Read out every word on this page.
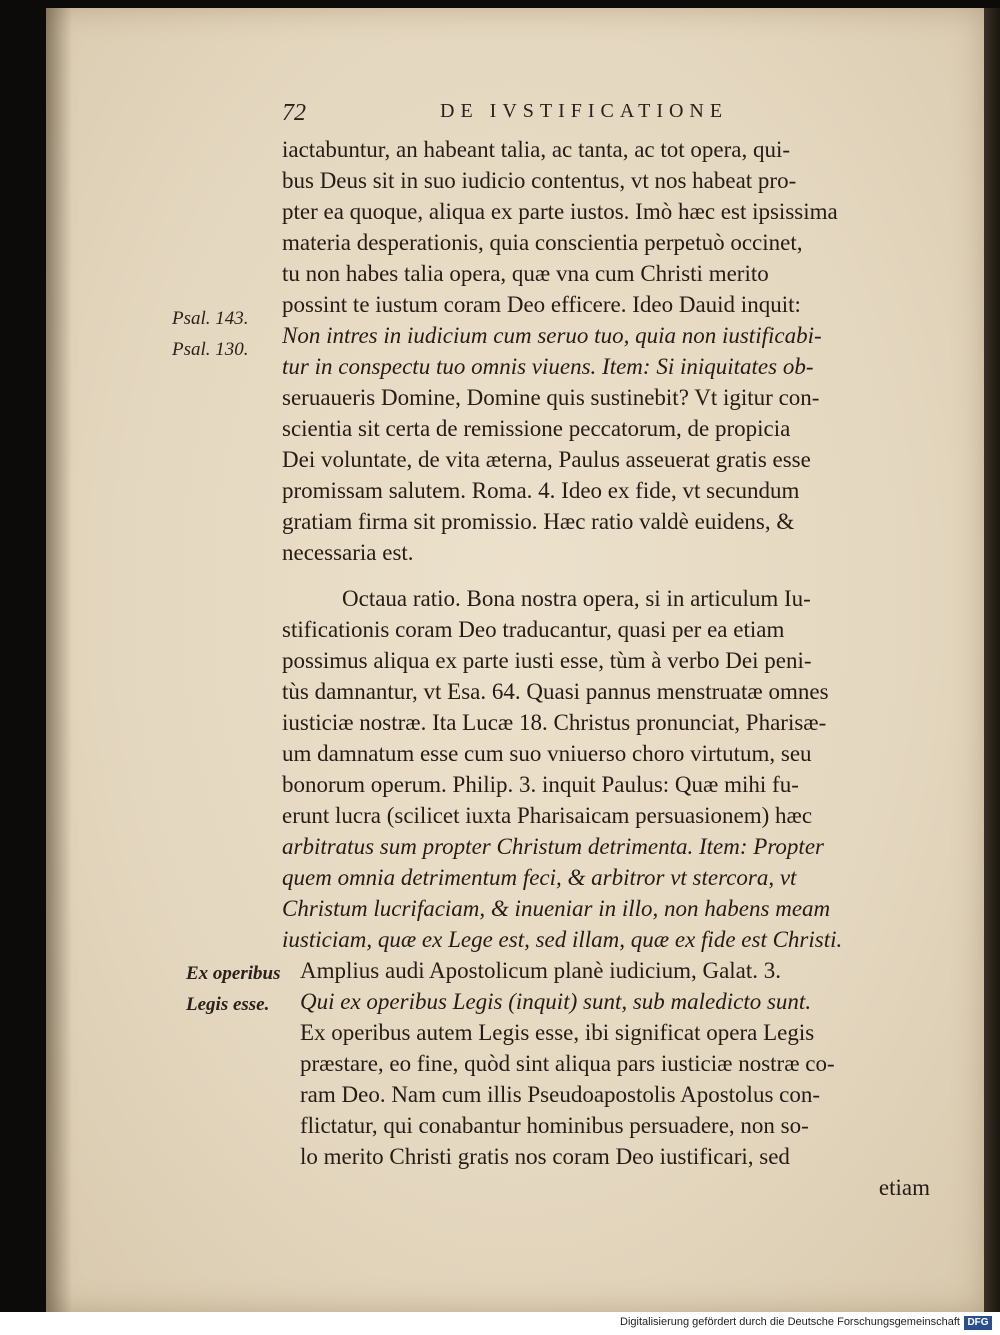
72	DE IVSTIFICATIONE
Psal. 143.
Psal. 130.
Ex operibus
Legis esse.
iactabuntur, an habeant talia, ac tanta, ac tot opera, qui-
bus Deus sit in suo iudicio contentus, vt nos habeat pro-
pter ea quoque, aliqua ex parte iustos. Imò hæc est ipsissima
materia desperationis, quia conscientia perpetuò occinet,
tu non habes talia opera, quæ vna cum Christi merito
possint te iustum coram Deo efficere. Ideo Dauid inquit:
Non intres in iudicium cum seruo tuo, quia non iustificabi-
tur in conspectu tuo omnis viuens. Item: Si iniquitates ob-
seruaueris Domine, Domine quis sustinebit? Vt igitur con-
scientia sit certa de remissione peccatorum, de propicia
Dei voluntate, de vita æterna, Paulus asseuerat gratis esse
promissam salutem. Roma. 4. Ideo ex fide, vt secundum
gratiam firma sit promissio. Hæc ratio valdè euidens, &
necessaria est.
Octaua ratio. Bona nostra opera, si in articulum Iu-
stificationis coram Deo traducantur, quasi per ea etiam
possimus aliqua ex parte iusti esse, tùm à verbo Dei peni-
tùs damnantur, vt Esa. 64. Quasi pannus menstruatæ omnes
iusticiæ nostræ. Ita Lucæ 18. Christus pronunciat, Pharisæ-
um damnatum esse cum suo vniuerso choro virtutum, seu
bonorum operum. Philip. 3. inquit Paulus: Quæ mihi fu-
erunt lucra (scilicet iuxta Pharisaicam persuasionem) hæc
arbitratus sum propter Christum detrimenta. Item: Propter
quem omnia detrimentum feci, & arbitror vt stercora, vt
Christum lucrifaciam, & inueniar in illo, non habens meam
iusticiam, quæ ex Lege est, sed illam, quæ ex fide est Christi.
Amplius audi Apostolicum planè iudicium, Galat. 3.
Qui ex operibus Legis (inquit) sunt, sub maledicto sunt.
Ex operibus autem Legis esse, ibi significat opera Legis
præstare, eo fine, quòd sint aliqua pars iusticiæ nostræ co-
ram Deo. Nam cum illis Pseudoapostolis Apostolus con-
flictatur, qui conabantur hominibus persuadere, non so-
lo merito Christi gratis nos coram Deo iustificari, sed
etiam
Digitalisierung gefördert durch die Deutsche Forschungsgemeinschaft DFG
